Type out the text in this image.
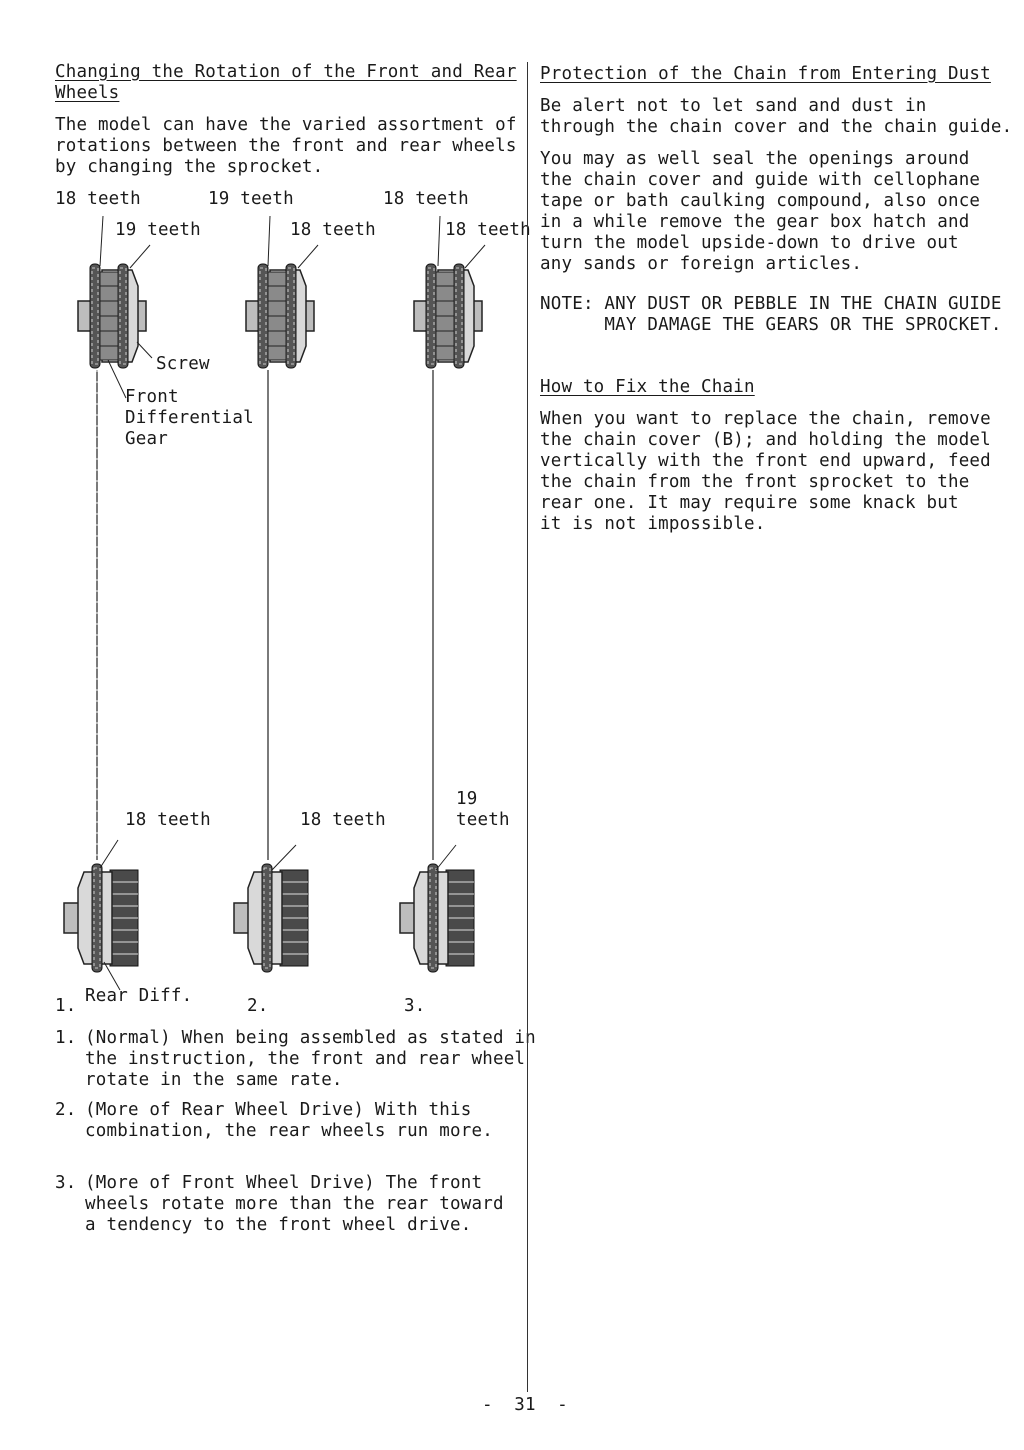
Changing the Rotation of the Front and Rear
Wheels
The model can have the varied assortment of
rotations between the front and rear wheels
by changing the sprocket.
18 teeth
19 teeth
19 teeth
18 teeth
18 teeth
18 teeth
Screw
Front
Differential
Gear
18 teeth	18 teeth
19
teeth
Rear Diff.
1.	2.	3.
1. (Normal) When being assembled as stated in
the instruction, the front and rear wheel
rotate in the same rate.
2. (More of Rear Wheel Drive) With this
combination, the rear wheels run more.
3. (More of Front Wheel Drive) The front
wheels rotate more than the rear toward
a tendency to the front wheel drive.
Protection of the Chain from Entering Dust
Be alert not to let sand and dust in
through the chain cover and the chain guide.
You may as well seal the openings around
the chain cover and guide with cellophane
tape or bath caulking compound, also once
in a while remove the gear box hatch and
turn the model upside-down to drive out
any sands or foreign articles.
NOTE: ANY DUST OR PEBBLE IN THE CHAIN GUIDE
MAY DAMAGE THE GEARS OR THE SPROCKET.
How to Fix the Chain
When you want to replace the chain, remove
the chain cover (B); and holding the model
vertically with the front end upward, feed
the chain from the front sprocket to the
rear one. It may require some knack but
it is not impossible.
-  31  -
